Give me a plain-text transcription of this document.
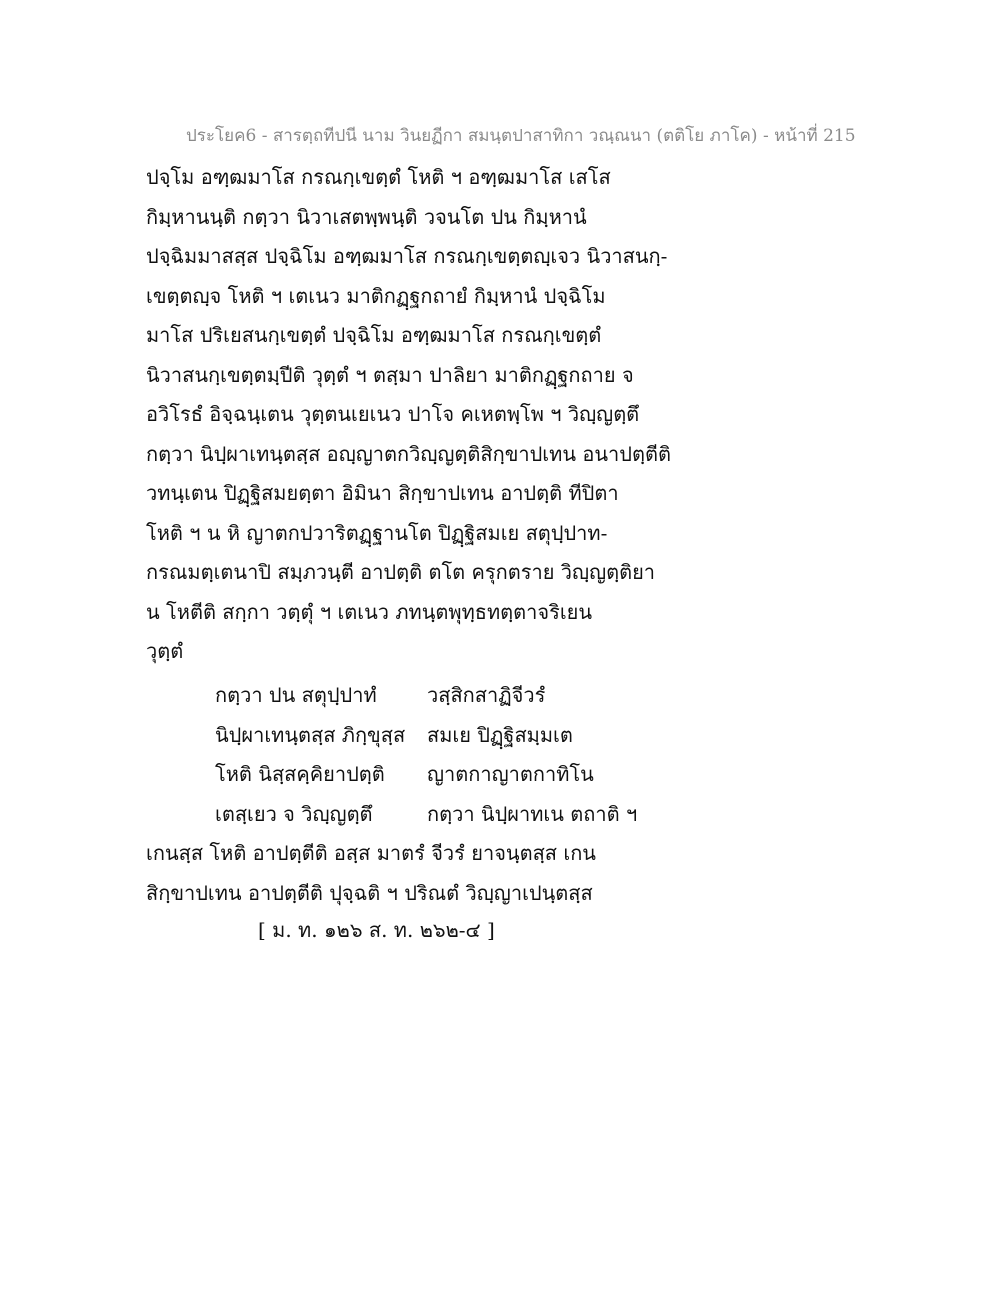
ประโยค6 - สารตฺถทีปนี นาม วินยฏีกา สมนฺตปาสาทิกา วณฺณนา (ตติโย ภาโค) - หน้าที่ 215
ปจฺโม อฑฺฒมาโส กรณกฺเขตฺตํ โหติ ฯ อฑฺฒมาโส เสโส
กิมฺหานนฺติ กตฺวา นิวาเสตพฺพนฺติ วจนโต ปน กิมฺหานํ
ปจฺฉิมมาสสฺส ปจฺฉิโม อฑฺฒมาโส กรณกฺเขตฺตญฺเจว นิวาสนกฺ-
เขตฺตญฺจ โหติ ฯ เตเนว มาติกฏฺฐกถายํ กิมฺหานํ ปจฺฉิโม
มาโส ปริเยสนกฺเขตฺตํ ปจฺฉิโม อฑฺฒมาโส กรณกฺเขตฺตํ
นิวาสนกฺเขตฺตมฺปีติ วุตฺตํ ฯ ตสฺมา ปาลิยา มาติกฏฺฐกถาย จ
อวิโรธํ อิจฺฉนฺเตน วุตฺตนเยเนว ปาโจ คเหตพฺโพ ฯ วิญฺญตฺตึ
กตฺวา นิปฺผาเทนฺตสฺส อญฺญาตกวิญฺญตฺติสิกฺขาปเทน อนาปตฺตีติ
วทนฺเตน ปิฏฺฐิสมยตฺตา อิมินา สิกฺขาปเทน อาปตฺติ ทีปิตา
โหติ ฯ น หิ ญาตกปวาริตฏฺฐานโต ปิฏฺฐิสมเย สตุปฺปาท-
กรณมตฺเตนาปิ สมฺภวนฺตี อาปตฺติ ตโต ครุกตราย วิญฺญตฺติยา
น โหตีติ สกฺกา วตฺตุํ ฯ เตเนว ภทนฺตพุทฺธทตฺตาจริเยน
วุตฺตํ
กตฺวา ปน สตุปฺปาทํ	วสฺสิกสาฏิจีวรํ
นิปฺผาเทนฺตสฺส ภิกฺขุสฺส สมเย ปิฏฺฐิสมฺมเต
โหติ นิสฺสคฺคิยาปตฺติ ญาตกาญาตกาทิโน
เตสฺเยว จ วิญฺญตฺตึ	กตฺวา นิปฺผาทเน ตถาติ ฯ
เกนสฺส โหติ อาปตฺตีติ อสฺส มาตรํ จีวรํ ยาจนฺตสฺส เกน
สิกฺขาปเทน อาปตฺตีติ ปุจฺฉติ ฯ ปริณตํ วิญฺญาเปนฺตสฺส
[ ม. ท. ๑๒๖ ส. ท. ๒๖๒-๔ ]
